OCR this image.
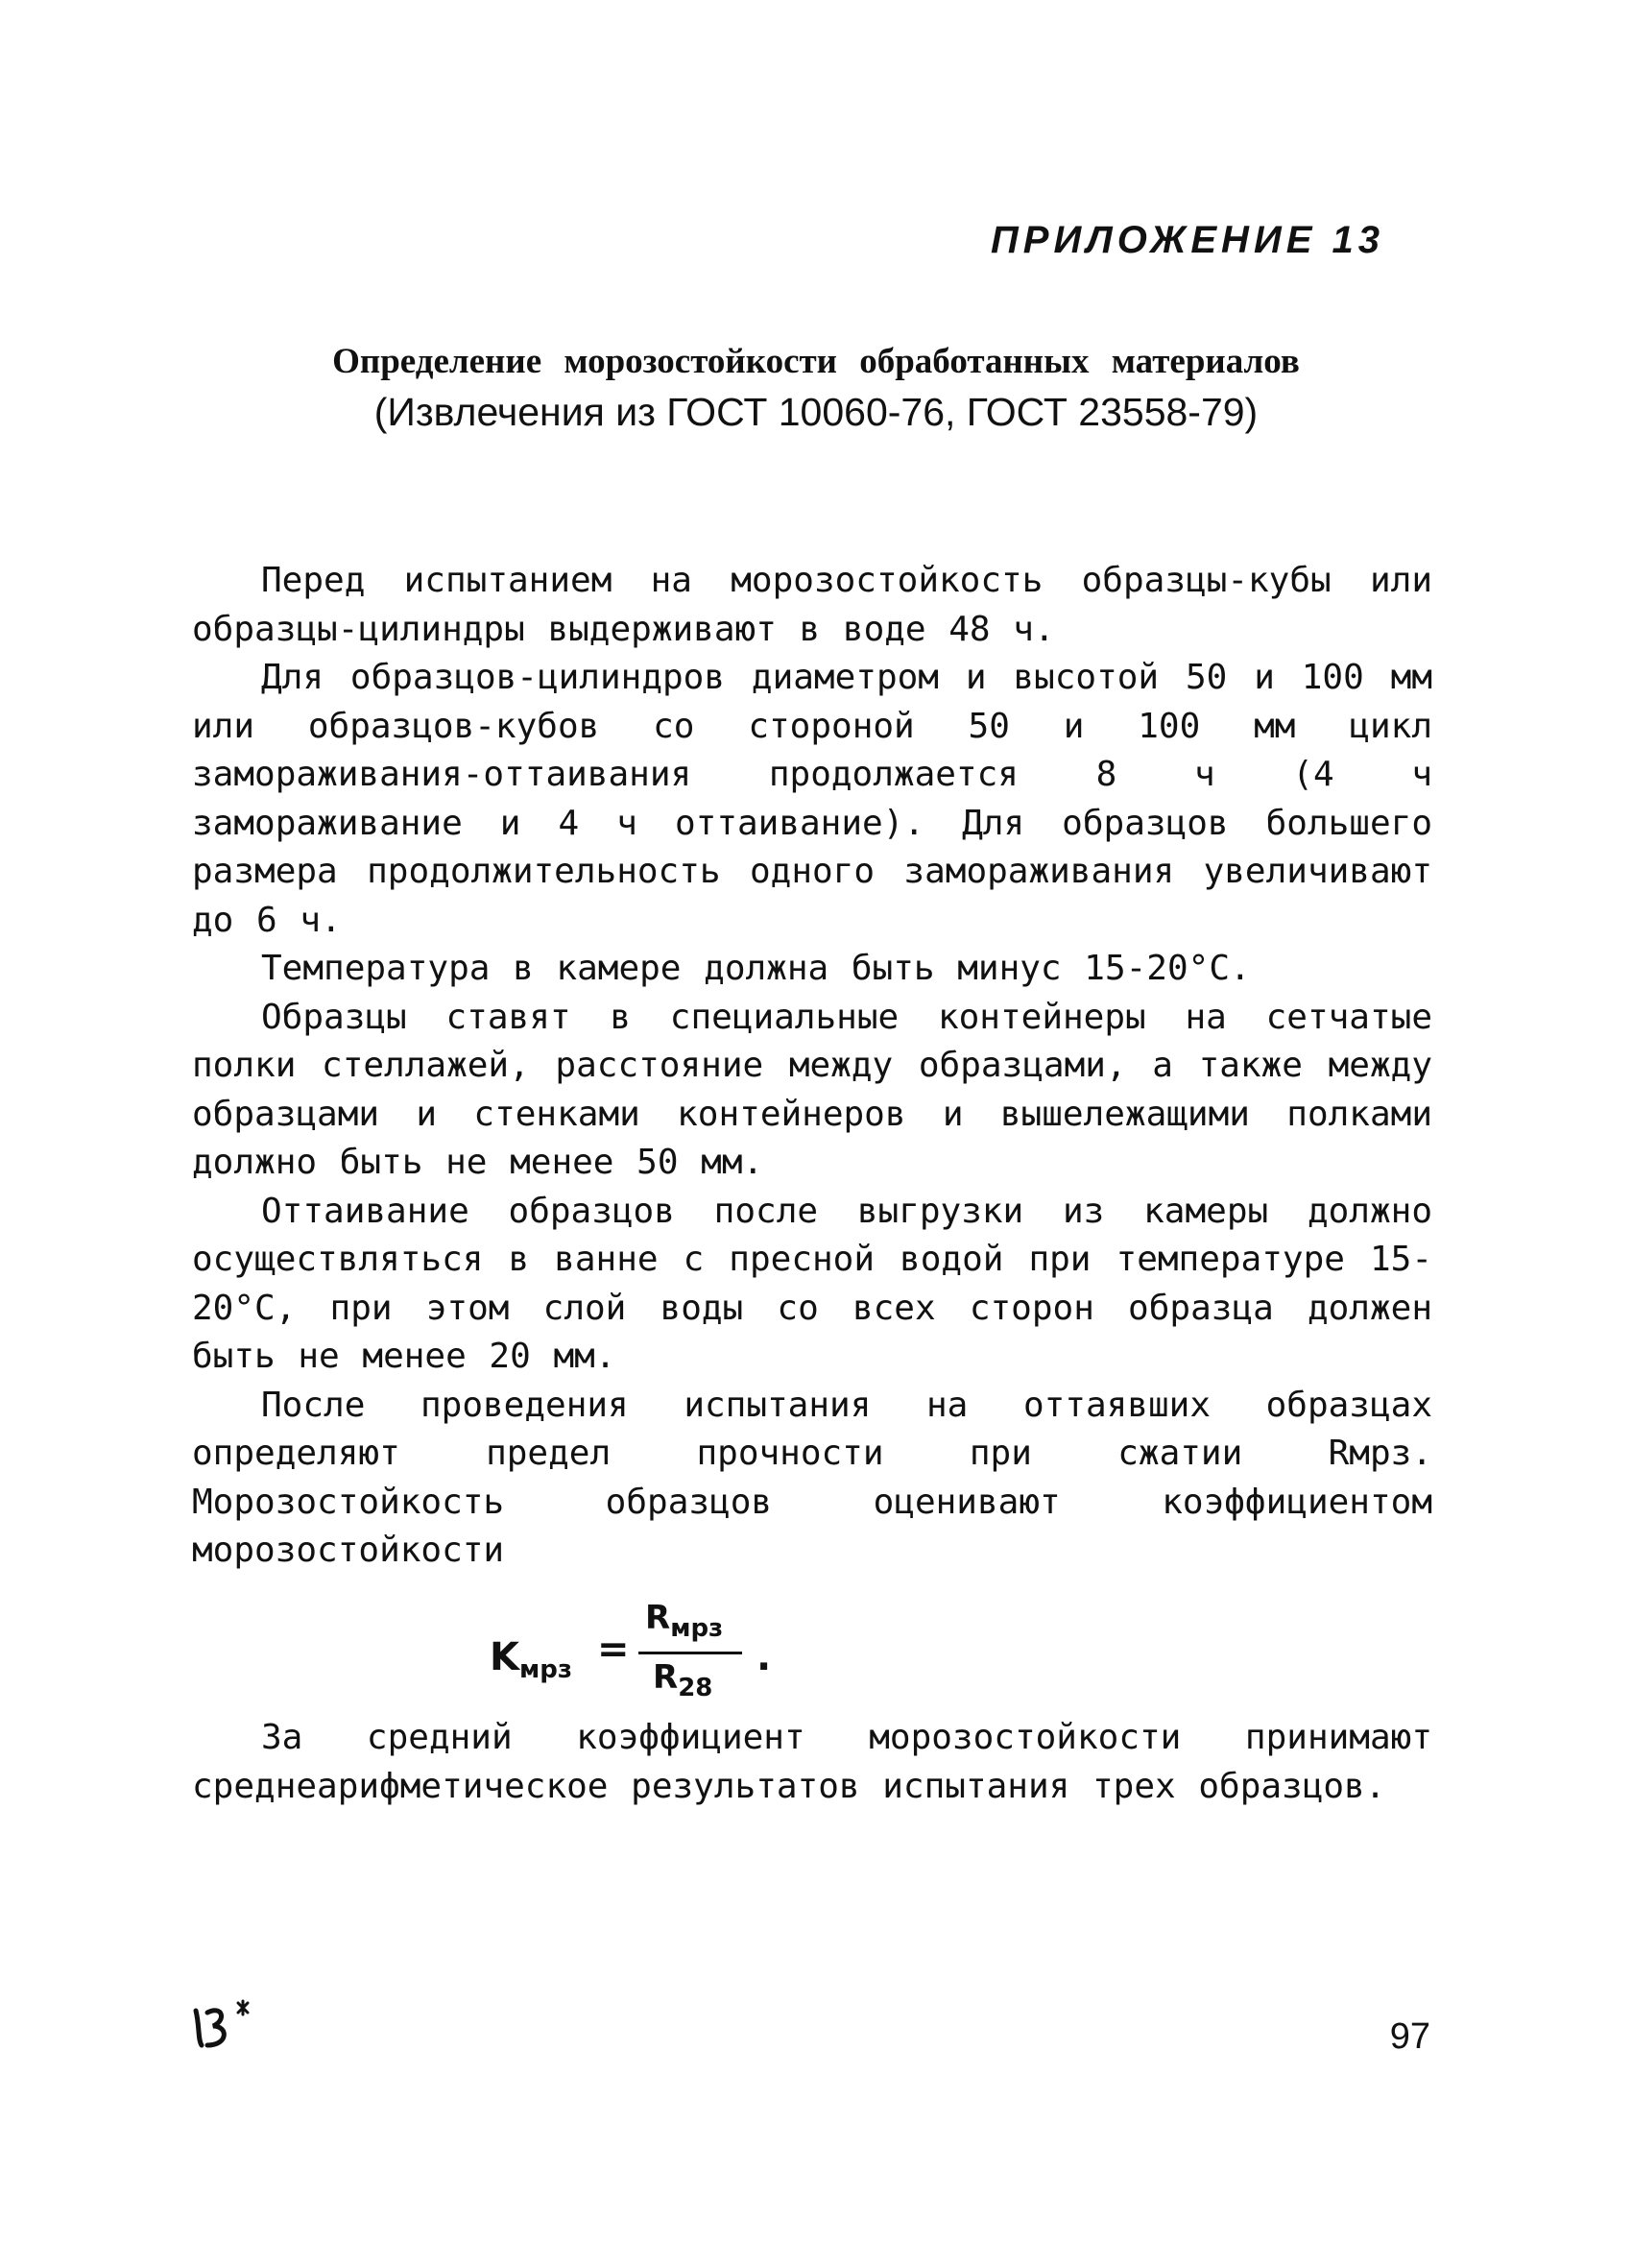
ПРИЛОЖЕНИЕ 13

Определение морозостойкости обработанных материалов

(Извлечения из ГОСТ 10060-76, ГОСТ 23558-79)

Перед испытанием на морозостойкость образцы-кубы или образцы-цилиндры выдерживают в воде 48 ч.

Для образцов-цилиндров диаметром и высотой 50 и 100 мм или образцов-кубов со стороной 50 и 100 мм цикл замораживания-оттаивания продолжается 8 ч (4 ч замораживание и 4 ч оттаивание). Для образцов большего размера продолжительность одного замораживания увеличивают до 6 ч.

Температура в камере должна быть минус 15-20°С.

Образцы ставят в специальные контейнеры на сетчатые полки стеллажей, расстояние между образцами, а также между образцами и стенками контейнеров и вышележащими полками должно быть не менее 50 мм.

Оттаивание образцов после выгрузки из камеры должно осуществляться в ванне с пресной водой при температуре 15-20°С, при этом слой воды со всех сторон образца должен быть не менее 20 мм.

После проведения испытания на оттаявших образцах определяют предел прочности при сжатии Rмрз. Морозостойкость образцов оценивают коэффициентом морозостойкости

$K_{мрз}$ =
$R_{мрз}$
$R_{28}$
.

За средний коэффициент морозостойкости принимают среднеарифметическое результатов испытания трех образцов.

97
